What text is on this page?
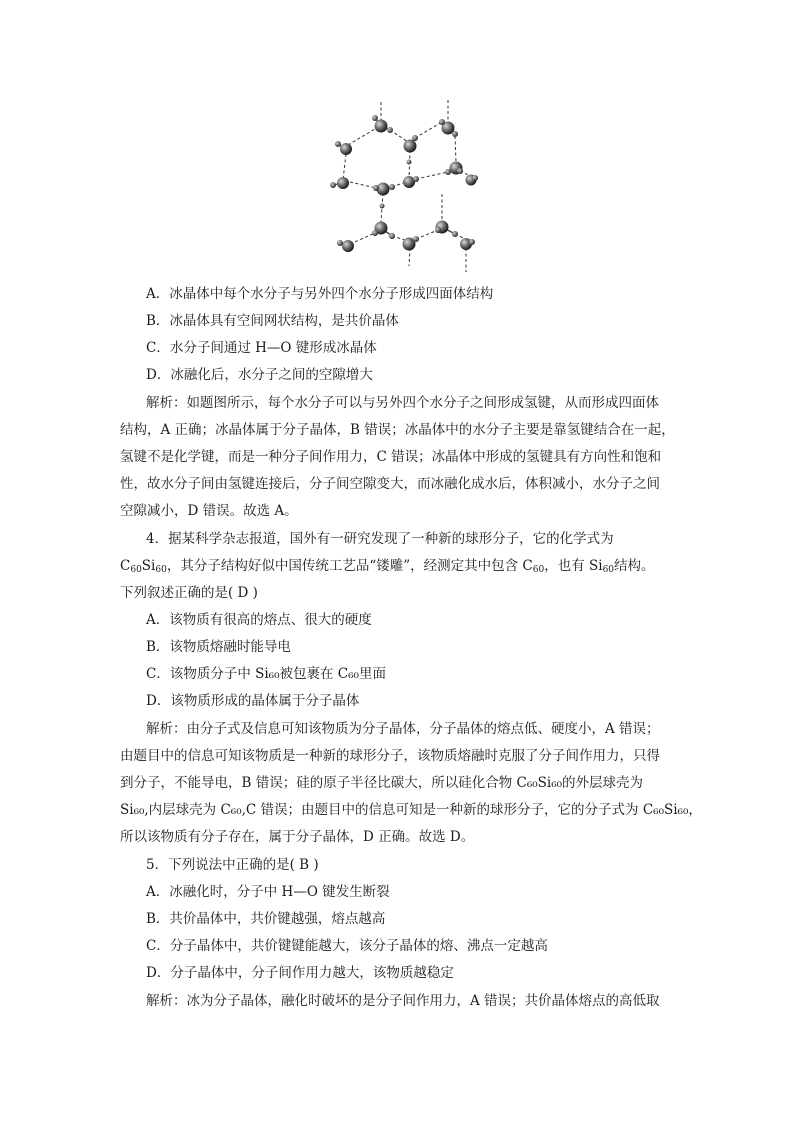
A．冰晶体中每个水分子与另外四个水分子形成四面体结构
B．冰晶体具有空间网状结构，是共价晶体
C．水分子间通过 H—O 键形成冰晶体
D．冰融化后，水分子之间的空隙增大
解析：如题图所示，每个水分子可以与另外四个水分子之间形成氢键，从而形成四面体
结构，A 正确；冰晶体属于分子晶体，B 错误；冰晶体中的水分子主要是靠氢键结合在一起，
氢键不是化学键，而是一种分子间作用力，C 错误；冰晶体中形成的氢键具有方向性和饱和
性，故水分子间由氢键连接后，分子间空隙变大，而冰融化成水后，体积减小，水分子之间
空隙减小，D 错误。故选 A。
4．据某科学杂志报道，国外有一研究发现了一种新的球形分子，它的化学式为
$C_{60}Si_{60}$，其分子结构好似中国传统工艺品“镂雕”，经测定其中包含 $C_{60}$，也有 $Si_{60}$结构。
下列叙述正确的是( D )
A．该物质有很高的熔点、很大的硬度
B．该物质熔融时能导电
C．该物质分子中 Si₆₀被包裹在 C₆₀里面
D．该物质形成的晶体属于分子晶体
解析：由分子式及信息可知该物质为分子晶体，分子晶体的熔点低、硬度小，A 错误；
由题目中的信息可知该物质是一种新的球形分子，该物质熔融时克服了分子间作用力，只得
到分子，不能导电，B 错误；硅的原子半径比碳大，所以硅化合物 C₆₀Si₆₀的外层球壳为
Si₆₀,内层球壳为 C₆₀,C 错误；由题目中的信息可知是一种新的球形分子，它的分子式为 C₆₀Si₆₀，
所以该物质有分子存在，属于分子晶体，D 正确。故选 D。
5．下列说法中正确的是( B )
A．冰融化时，分子中 H—O 键发生断裂
B．共价晶体中，共价键越强，熔点越高
C．分子晶体中，共价键键能越大，该分子晶体的熔、沸点一定越高
D．分子晶体中，分子间作用力越大，该物质越稳定
解析：冰为分子晶体，融化时破坏的是分子间作用力，A 错误；共价晶体熔点的高低取
